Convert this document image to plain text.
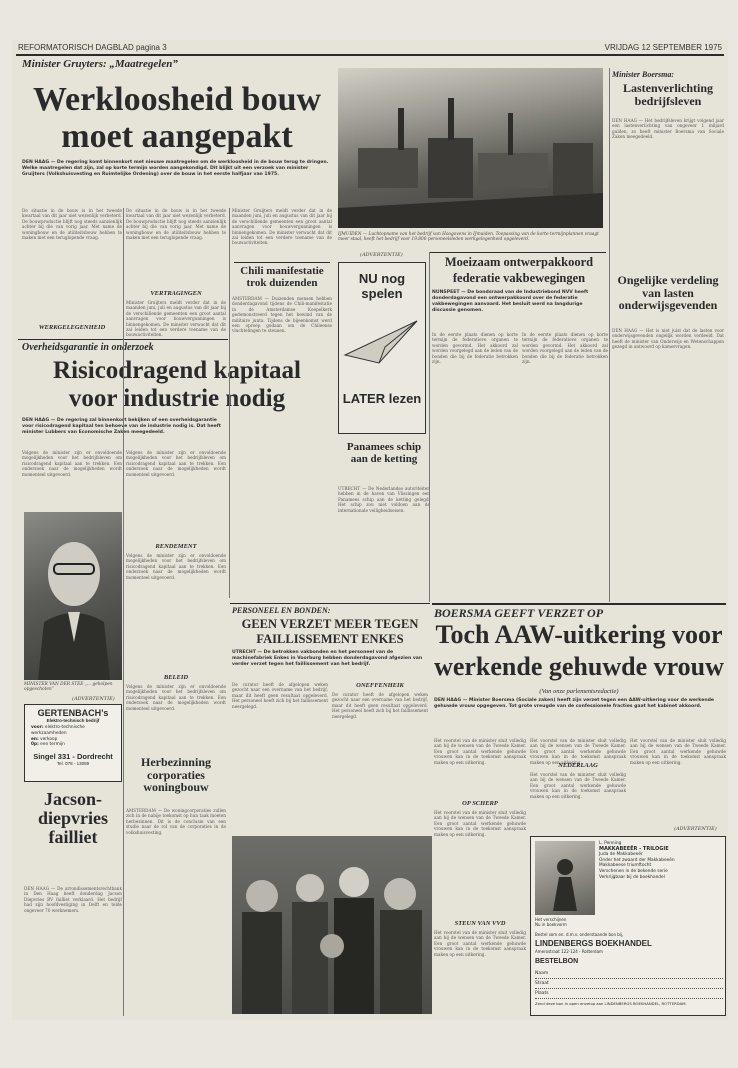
REFORMATORISCH DAGBLAD pagina 3	VRIJDAG 12 SEPTEMBER 1975
Minister Gruyters: „Maatregelen”
Werkloosheid bouw
moet aangepakt
DEN HAAG — De regering komt binnenkort met nieuwe maatregelen om de werkloosheid in de bouw terug te dringen. Welke maatregelen dat zijn, zal op korte termijn worden aangekondigd. Dit blijkt uit een verzoek van minister Gruijters (Volkshuisvesting en Ruimtelijke Ordening) over de bouw in het eerste halfjaar van 1975.
De situatie in de bouw is in het tweede kwartaal van dit jaar niet wezenlijk verbeterd. De bouwproductie blijft nog steeds aanzienlijk achter bij die van vorig jaar. Met name de woningbouw en de utiliteitsbouw hebben te maken met een teruglopende vraag.
De situatie in de bouw is in het tweede kwartaal van dit jaar niet wezenlijk verbeterd. De bouwproductie blijft nog steeds aanzienlijk achter bij die van vorig jaar. Met name de woningbouw en de utiliteitsbouw hebben te maken met een teruglopende vraag.
WERKGELEGENHEID
VERTRAGINGEN
Minister Gruijters meldt verder dat in de maanden juni, juli en augustus van dit jaar bij de verschillende gemeenten een groot aantal aanvragen voor bouwvergunningen is binnengekomen. De minister verwacht dat dit zal leiden tot een verdere toename van de bouwactiviteiten.
Minister Gruijters meldt verder dat in de maanden juni, juli en augustus van dit jaar bij de verschillende gemeenten een groot aantal aanvragen voor bouwvergunningen is binnengekomen. De minister verwacht dat dit zal leiden tot een verdere toename van de bouwactiviteiten.
Chili manifestatie trok duizenden
AMSTERDAM — Duizenden mensen hebben donderdagavond tijdens de Chili-manifestatie in de Amsterdamse Koepelkerk gedemonstreerd tegen het bewind van de militaire junta. Tijdens de bijeenkomst werd een oproep gedaan om de Chileense vluchtelingen te steunen.
Overheidsgarantie in onderzoek
Risicodragend kapitaal
voor industrie nodig
DEN HAAG — De regering zal binnenkort bekijken of een overheidsgarantie voor risicodragend kapitaal ten behoeve van de industrie nodig is. Dat heeft minister Lubbers van Economische Zaken meegedeeld.
Volgens de minister zijn er onvoldoende mogelijkheden voor het bedrijfsleven om risicodragend kapitaal aan te trekken. Een onderzoek naar de mogelijkheden wordt momenteel uitgevoerd.
Volgens de minister zijn er onvoldoende mogelijkheden voor het bedrijfsleven om risicodragend kapitaal aan te trekken. Een onderzoek naar de mogelijkheden wordt momenteel uitgevoerd.
RENDEMENT
Volgens de minister zijn er onvoldoende mogelijkheden voor het bedrijfsleven om risicodragend kapitaal aan te trekken. Een onderzoek naar de mogelijkheden wordt momenteel uitgevoerd.
BELEID
Volgens de minister zijn er onvoldoende mogelijkheden voor het bedrijfsleven om risicodragend kapitaal aan te trekken. Een onderzoek naar de mogelijkheden wordt momenteel uitgevoerd.
MINISTER VAN DER STEE „... geholpen opgeschoten”
(ADVERTENTIE)
GERTENBACH’s
Elektro-technisch bedrijf
voor: elektro-technische werkzaamheden
en: verkoop
0p: een termijn
Singel 331 - Dordrecht
Tel. 078 - 13089
Jacson-diepvries failliet
DEN HAAG — De arrondissementsrechtbank in Den Haag heeft donderdag Jacson Diepvries BV failliet verklaard. Het bedrijf had zijn hoofdvestiging in Delft en telde ongeveer 70 werknemers.
Herbezinning corporaties woningbouw
AMSTERDAM — De woningcorporaties zullen zich in de nabije toekomst op hun taak moeten herbezinnen. Dit is de conclusie van een studie naar de rol van de corporaties in de volkshuisvesting.
PERSONEEL EN BONDEN:
GEEN VERZET MEER TEGEN
FAILLISSEMENT ENKES
UTRECHT — De betrokken vakbonden en het personeel van de machinefabriek Enkes in Voorburg hebben donderdagavond afgezien van verder verzet tegen het faillissement van het bedrijf.
De curator heeft de afgelopen weken gezocht naar een overname van het bedrijf, maar dit heeft geen resultaat opgeleverd. Het personeel heeft zich bij het faillissement neergelegd.
ONEFFENHEIK
De curator heeft de afgelopen weken gezocht naar een overname van het bedrijf, maar dit heeft geen resultaat opgeleverd. Het personeel heeft zich bij het faillissement neergelegd.
IJMUIDEN — Luchtopname van het bedrijf van Hoogovens in IJmuiden. Toepassing van de korte-termijnplannen vraagt meer staal, heeft het bedrijf voor 19.800 personeelsleden werkgelegenheid opgeleverd.
(ADVERTENTIE)
NU nog spelen
LATER lezen
Panamees schip aan de ketting
UTRECHT — De Nederlandse autoriteiten hebben in de haven van Vlissingen een Panamees schip aan de ketting gelegd. Het schip zou niet voldoen aan de internationale veiligheidseisen.
Moeizaam ontwerpakkoord
federatie vakbewegingen
NUNSPEET — De bondsraad van de Industriebond NVV heeft donderdagavond een ontwerpakkoord over de federatie vakbewegingen aanvaard. Het besluit werd na langdurige discussie genomen.
In de eerste plaats dienen op korte termijn de federatieve organen te worden gevormd. Het akkoord zal worden voorgelegd aan de leden van de bonden die bij de federatie betrokken zijn.
In de eerste plaats dienen op korte termijn de federatieve organen te worden gevormd. Het akkoord zal worden voorgelegd aan de leden van de bonden die bij de federatie betrokken zijn.
Minister Boersma:
Lastenverlichting bedrijfsleven
DEN HAAG — Het bedrijfsleven krijgt volgend jaar een lastenverlichting van ongeveer 1 miljard gulden, zo heeft minister Boersma van Sociale Zaken meegedeeld.
Ongelijke verdeling van lasten onderwijsgevenden
DEN HAAG — Het is niet juist dat de lasten voor onderwijsgevenden ongelijk worden verdeeld. Dat heeft de minister van Onderwijs en Wetenschappen gezegd in antwoord op kamervragen.
BOERSMA GEEFT VERZET OP
Toch AAW-uitkering voor
werkende gehuwde vrouw
(Van onze parlementsredactie)
DEN HAAG — Minister Boersma (Sociale zaken) heeft zijn verzet tegen een AAW-uitkering voor de werkende gehuwde vrouw opgegeven. Tot grote vreugde van de confessionele fracties gaat het kabinet akkoord.
Het voorstel van de minister sluit volledig aan bij de wensen van de Tweede Kamer. Een groot aantal werkende gehuwde vrouwen kan in de toekomst aanspraak maken op een uitkering.
OP SCHERP
Het voorstel van de minister sluit volledig aan bij de wensen van de Tweede Kamer. Een groot aantal werkende gehuwde vrouwen kan in de toekomst aanspraak maken op een uitkering.
STEUN VAN VVD
Het voorstel van de minister sluit volledig aan bij de wensen van de Tweede Kamer. Een groot aantal werkende gehuwde vrouwen kan in de toekomst aanspraak maken op een uitkering.
Het voorstel van de minister sluit volledig aan bij de wensen van de Tweede Kamer. Een groot aantal werkende gehuwde vrouwen kan in de toekomst aanspraak maken op een uitkering.
NEDERLAAG
Het voorstel van de minister sluit volledig aan bij de wensen van de Tweede Kamer. Een groot aantal werkende gehuwde vrouwen kan in de toekomst aanspraak maken op een uitkering.
Het voorstel van de minister sluit volledig aan bij de wensen van de Tweede Kamer. Een groot aantal werkende gehuwde vrouwen kan in de toekomst aanspraak maken op een uitkering.
(ADVERTENTIE)
L. Penning
MAKKABEEËR - TRILOGIE
Juda de Makkabeeër
Onder het zwaard der Makkabeeën
Makkabeese triumftocht
Verschenen in de bekende serie
Verkrijgbaar bij de boekhandel
Het verschijnen
Nu in boekvorm
Bestel som en. d.m.v. onderstaande bon bij,
LINDENBERGS BOEKHANDEL
Amerostraat 122-124 - Rotterdam
BESTELBON
Naam
Straat
Plaats
Zend deze bon in open envelop aan LINDENBERGS BOEKHANDEL, ROTTERDAM.
